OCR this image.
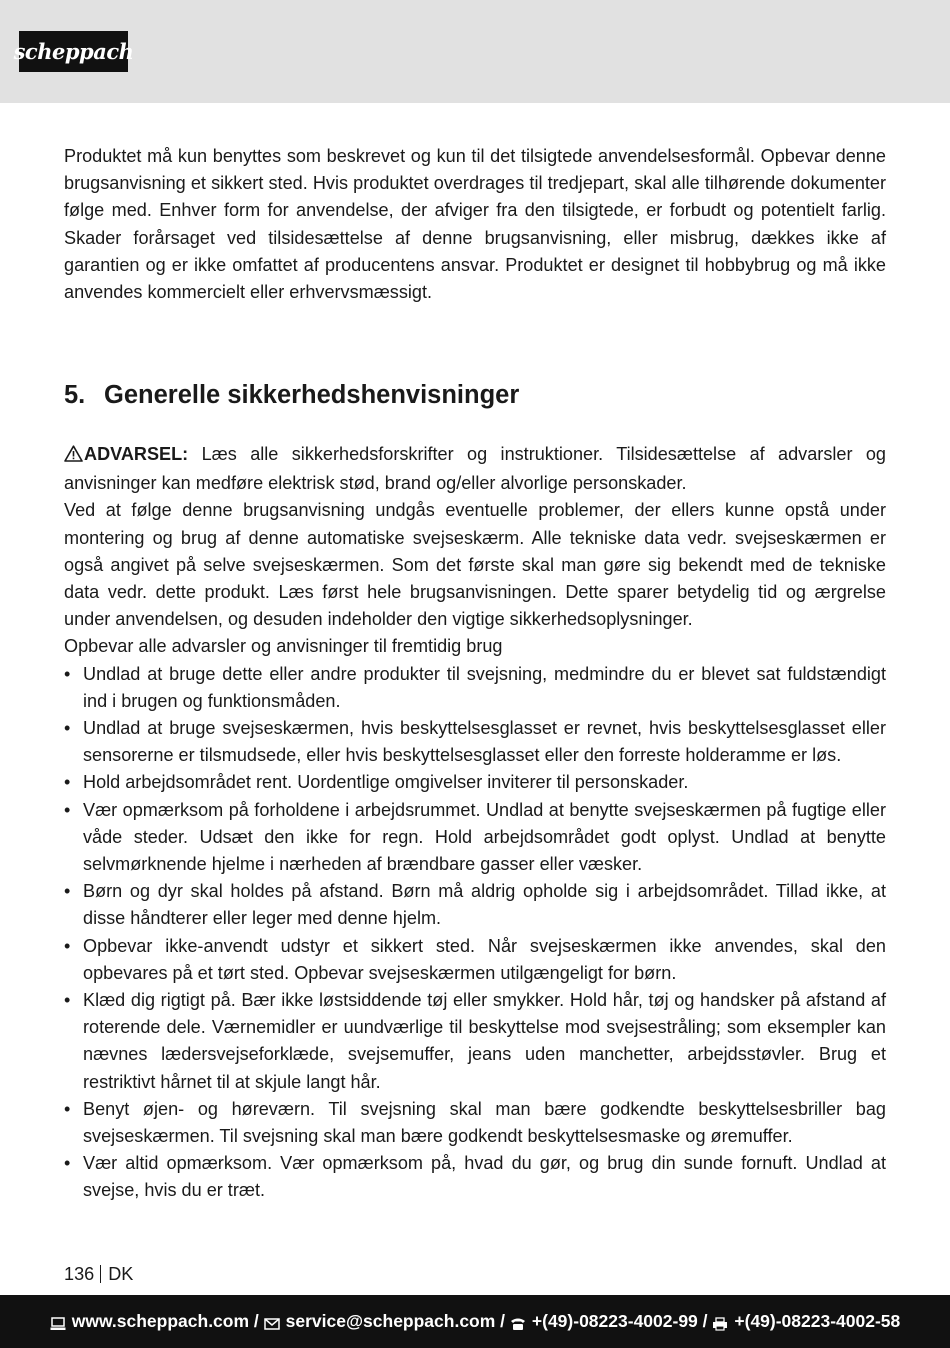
scheppach

Produktet må kun benyttes som beskrevet og kun til det tilsigtede anvendelsesformål. Opbevar denne brugsanvisning et sikkert sted. Hvis produktet overdrages til tredjepart, skal alle tilhørende dokumenter følge med. Enhver form for anvendelse, der afviger fra den tilsigtede, er forbudt og potentielt farlig. Skader forårsaget ved tilsidesættelse af denne brugsanvisning, eller misbrug, dækkes ikke af garantien og er ikke omfattet af producentens ansvar. Produktet er designet til hobbybrug og må ikke anvendes kommercielt eller erhvervsmæssigt.

5. Generelle sikkerhedshenvisninger

ADVARSEL: Læs alle sikkerhedsforskrifter og instruktioner. Tilsidesættelse af advarsler og anvisninger kan medføre elektrisk stød, brand og/eller alvorlige personskader.

Ved at følge denne brugsanvisning undgås eventuelle problemer, der ellers kunne opstå under montering og brug af denne automatiske svejseskærm. Alle tekniske data vedr. svejseskærmen er også angivet på selve svejseskærmen. Som det første skal man gøre sig bekendt med de tekniske data vedr. dette produkt. Læs først hele brugsanvisningen. Dette sparer betydelig tid og ærgrelse under anvendelsen, og desuden indeholder den vigtige sikkerhedsoplysninger.

Opbevar alle advarsler og anvisninger til fremtidig brug

• Undlad at bruge dette eller andre produkter til svejsning, medmindre du er blevet sat fuldstændigt ind i brugen og funktionsmåden.
• Undlad at bruge svejseskærmen, hvis beskyttelsesglasset er revnet, hvis beskyttelsesglasset eller sensorerne er tilsmudsede, eller hvis beskyttelsesglasset eller den forreste holderamme er løs.
• Hold arbejdsområdet rent. Uordentlige omgivelser inviterer til personskader.
• Vær opmærksom på forholdene i arbejdsrummet. Undlad at benytte svejseskærmen på fugtige eller våde steder. Udsæt den ikke for regn. Hold arbejdsområdet godt oplyst. Undlad at benytte selvmørknende hjelme i nærheden af brændbare gasser eller væsker.
• Børn og dyr skal holdes på afstand. Børn må aldrig opholde sig i arbejdsområdet. Tillad ikke, at disse håndterer eller leger med denne hjelm.
• Opbevar ikke-anvendt udstyr et sikkert sted. Når svejseskærmen ikke anvendes, skal den opbevares på et tørt sted. Opbevar svejseskærmen utilgængeligt for børn.
• Klæd dig rigtigt på. Bær ikke løstsiddende tøj eller smykker. Hold hår, tøj og handsker på afstand af roterende dele. Værnemidler er uundværlige til beskyttelse mod svejsestråling; som eksempler kan nævnes lædersvejseforklæde, svejsemuffer, jeans uden manchetter, arbejdsstøvler. Brug et restriktivt hårnet til at skjule langt hår.
• Benyt øjen- og høreværn. Til svejsning skal man bære godkendte beskyttelsesbriller bag svejseskærmen. Til svejsning skal man bære godkendt beskyttelsesmaske og øremuffer.
• Vær altid opmærksom. Vær opmærksom på, hvad du gør, og brug din sunde fornuft. Undlad at svejse, hvis du er træt.
136 DK
www.scheppach.com / service@scheppach.com / +(49)-08223-4002-99 / +(49)-08223-4002-58
